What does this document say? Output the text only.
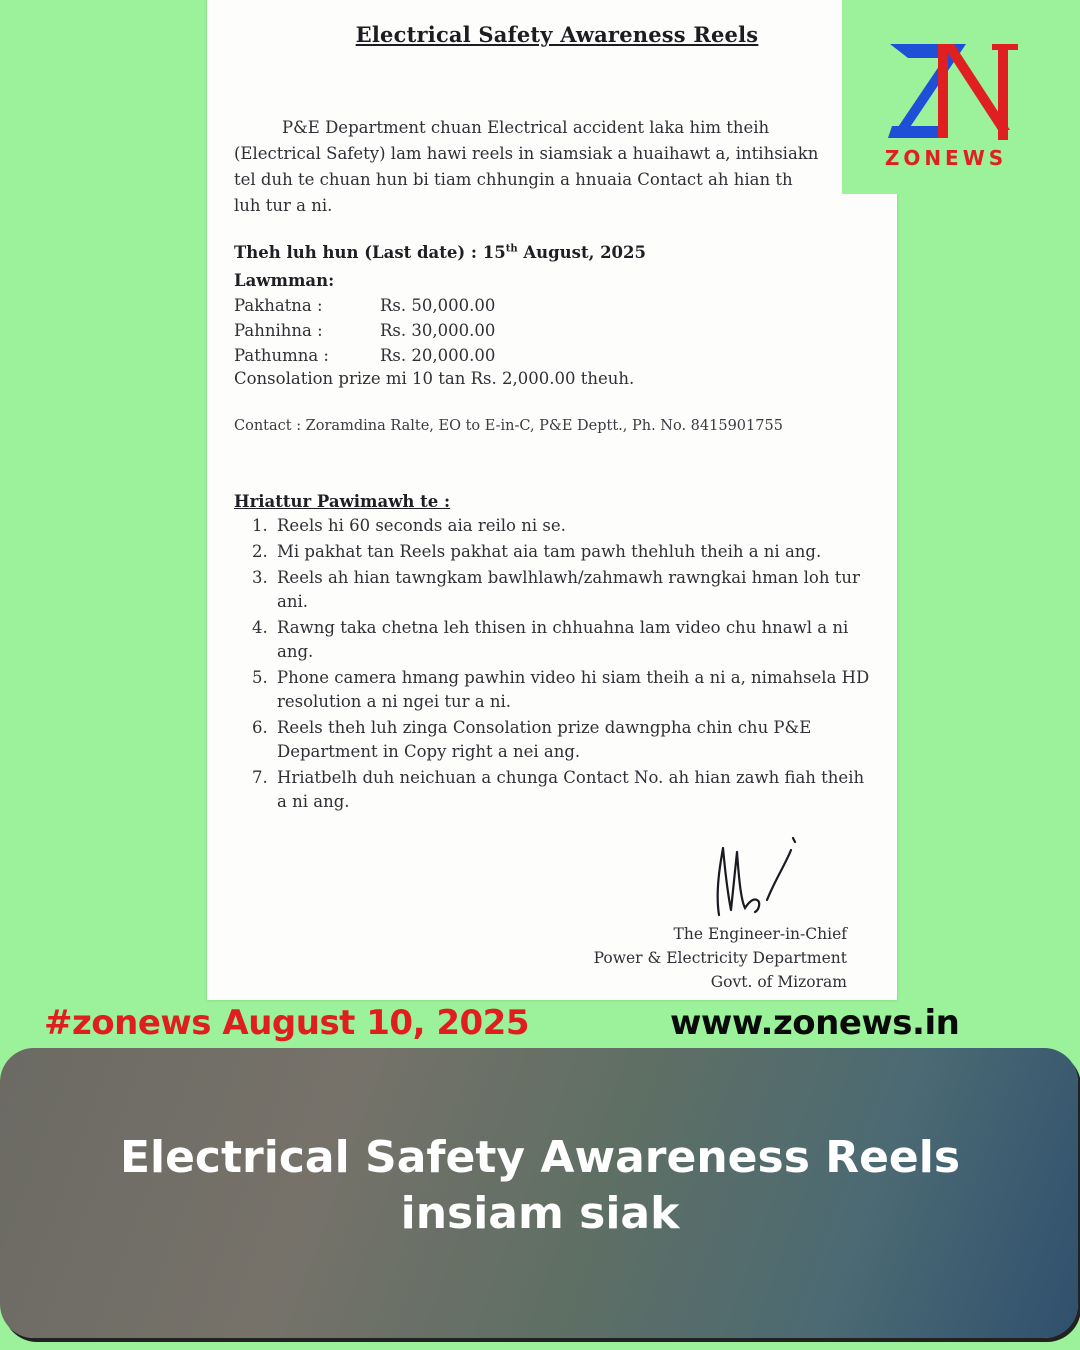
Electrical Safety Awareness Reels
P&E Department chuan Electrical accident laka him theih
(Electrical Safety) lam hawi reels in siamsiak a huaihawt a, intihsiakn
tel duh te chuan hun bi tiam chhungin a hnuaia Contact ah hian th
luh tur a ni.
Theh luh hun (Last date) : 15th August, 2025
Lawmman:
Pakhatna :	Rs. 50,000.00
Pahnihna :	Rs. 30,000.00
Pathumna :	Rs. 20,000.00
Consolation prize mi 10 tan Rs. 2,000.00 theuh.
Contact : Zoramdina Ralte, EO to E-in-C, P&E Deptt., Ph. No. 8415901755
Hriattur Pawimawh te :
1. Reels hi 60 seconds aia reilo ni se.
2. Mi pakhat tan Reels pakhat aia tam pawh thehluh theih a ni ang.
3. Reels ah hian tawngkam bawlhlawh/zahmawh rawngkai hman loh tur ani.
4. Rawng taka chetna leh thisen in chhuahna lam video chu hnawl a ni ang.
5. Phone camera hmang pawhin video hi siam theih a ni a, nimahsela HD resolution a ni ngei tur a ni.
6. Reels theh luh zinga Consolation prize dawngpha chin chu P&E Department in Copy right a nei ang.
7. Hriatbelh duh neichuan a chunga Contact No. ah hian zawh fiah theih a ni ang.
The Engineer-in-Chief
Power & Electricity Department
Govt. of Mizoram
ZONEWS
#zonews August 10, 2025	www.zonews.in
Electrical Safety Awareness Reels
insiam siak
